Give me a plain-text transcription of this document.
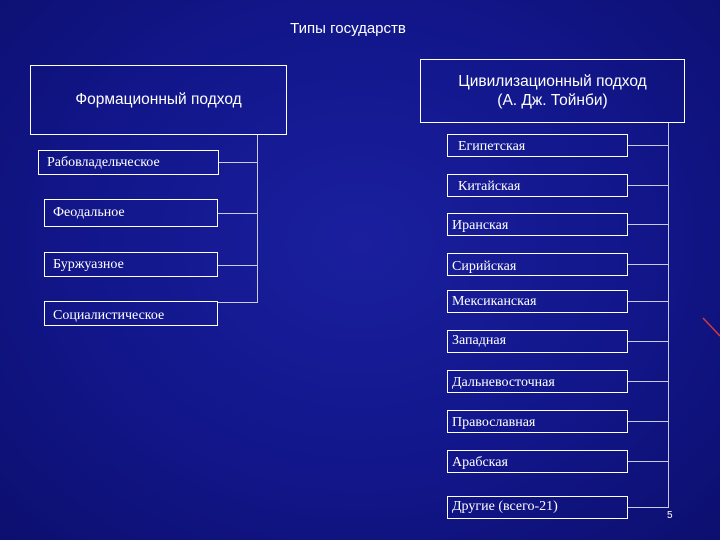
Типы государств
Формационный подход
Рабовладельческое
Феодальное
Буржуазное
Социалистическое
Цивилизационный подход
(А. Дж. Тойнби)
Египетская
Китайская
Иранская
Сирийская
Мексиканская
Западная
Дальневосточная
Православная
Арабская
Другие (всего-21)
5
